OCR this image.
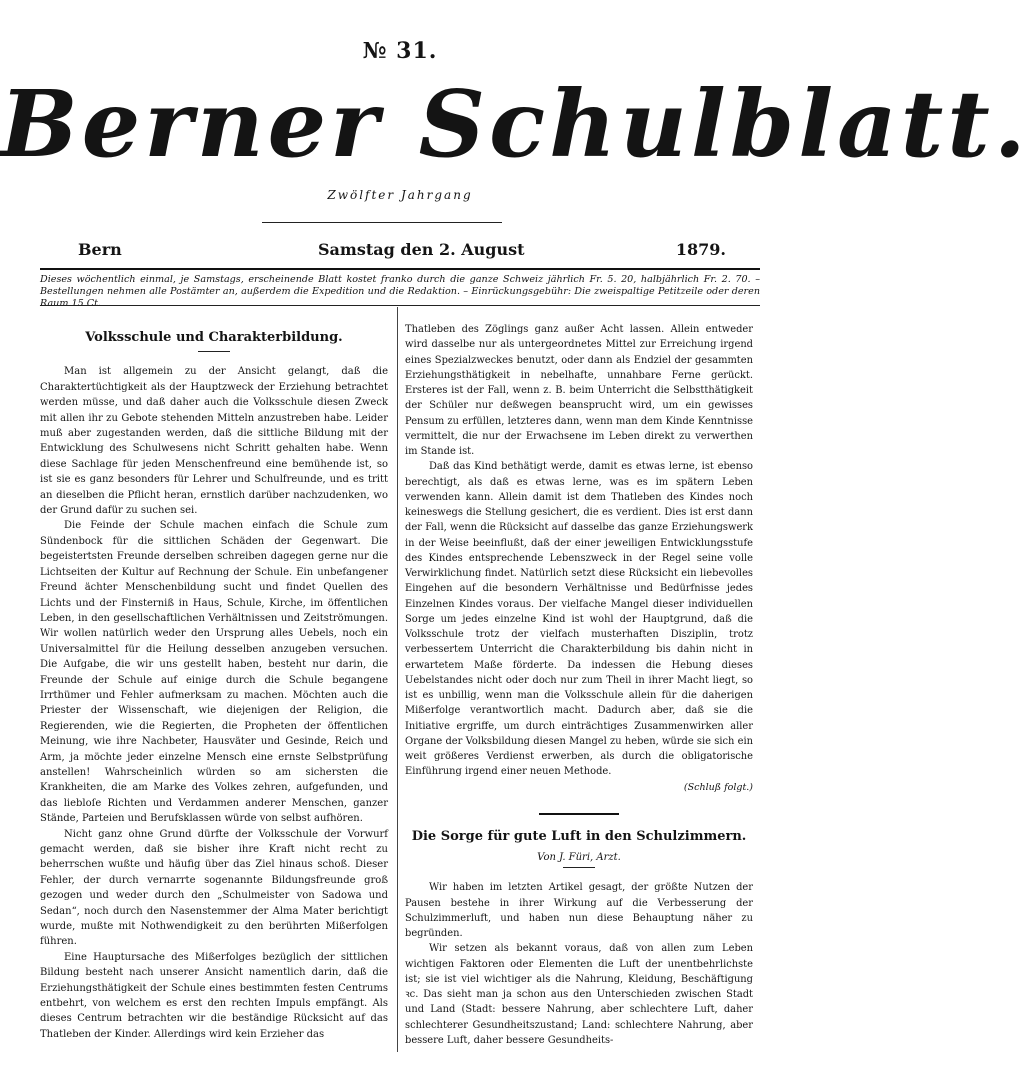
№ 31.
Berner Schulblatt.
Zwölfter Jahrgang
Bern	Samstag den 2. August	1879.
Dieses wöchentlich einmal, je Samstags, erscheinende Blatt kostet franko durch die ganze Schweiz jährlich Fr. 5. 20, halbjährlich Fr. 2. 70. – Bestellungen nehmen alle Postämter an, außerdem die Expedition und die Redaktion. – Einrückungsgebühr: Die zweispaltige Petitzeile oder deren Raum 15 Ct.
Volksschule und Charakterbildung.

Man ist allgemein zu der Ansicht gelangt, daß die Charaktertüchtigkeit als der Hauptzweck der Erziehung betrachtet werden müsse, und daß daher auch die Volksschule diesen Zweck mit allen ihr zu Gebote stehenden Mitteln anzustreben habe. Leider muß aber zugestanden werden, daß die sittliche Bildung mit der Entwicklung des Schulwesens nicht Schritt gehalten habe. Wenn diese Sachlage für jeden Menschenfreund eine bemühende ist, so ist sie es ganz besonders für Lehrer und Schulfreunde, und es tritt an dieselben die Pflicht heran, ernstlich darüber nachzudenken, wo der Grund dafür zu suchen sei.

Die Feinde der Schule machen einfach die Schule zum Sündenbock für die sittlichen Schäden der Gegenwart. Die begeistertsten Freunde derselben schreiben dagegen gerne nur die Lichtseiten der Kultur auf Rechnung der Schule. Ein unbefangener Freund ächter Menschenbildung sucht und findet Quellen des Lichts und der Finsterniß in Haus, Schule, Kirche, im öffentlichen Leben, in den gesellschaftlichen Verhältnissen und Zeitströmungen. Wir wollen natürlich weder den Ursprung alles Uebels, noch ein Universalmittel für die Heilung desselben anzugeben versuchen. Die Aufgabe, die wir uns gestellt haben, besteht nur darin, die Freunde der Schule auf einige durch die Schule begangene Irrthümer und Fehler aufmerksam zu machen. Möchten auch die Priester der Wissenschaft, wie diejenigen der Religion, die Regierenden, wie die Regierten, die Propheten der öffentlichen Meinung, wie ihre Nachbeter, Hausväter und Gesinde, Reich und Arm, ja möchte jeder einzelne Mensch eine ernste Selbstprüfung anstellen! Wahrscheinlich würden so am sichersten die Krankheiten, die am Marke des Volkes zehren, aufgefunden, und das liebloſe Richten und Verdammen anderer Menschen, ganzer Stände, Parteien und Berufsklassen würde von selbst aufhören.

Nicht ganz ohne Grund dürfte der Volksschule der Vorwurf gemacht werden, daß sie bisher ihre Kraft nicht recht zu beherrschen wußte und häufig über das Ziel hinaus schoß. Dieser Fehler, der durch vernarrte sogenannte Bildungsfreunde groß gezogen und weder durch den „Schulmeister von Sadowa und Sedan“, noch durch den Nasenstemmer der Alma Mater berichtigt wurde, mußte mit Nothwendigkeit zu den berührten Mißerfolgen führen.

Eine Hauptursache des Mißerfolges bezüglich der sittlichen Bildung besteht nach unserer Ansicht namentlich darin, daß die Erziehungsthätigkeit der Schule eines bestimmten festen Centrums entbehrt, von welchem es erst den rechten Impuls empfängt. Als dieses Centrum betrachten wir die beständige Rücksicht auf das Thatleben der Kinder. Allerdings wird kein Erzieher das

Thatleben des Zöglings ganz außer Acht lassen. Allein entweder wird dasselbe nur als untergeordnetes Mittel zur Erreichung irgend eines Spezialzweckes benutzt, oder dann als Endziel der gesammten Erziehungsthätigkeit in nebelhafte, unnahbare Ferne gerückt. Ersteres ist der Fall, wenn z. B. beim Unterricht die Selbstthätigkeit der Schüler nur deßwegen beansprucht wird, um ein gewisses Pensum zu erfüllen, letzteres dann, wenn man dem Kinde Kenntnisse vermittelt, die nur der Erwachsene im Leben direkt zu verwerthen im Stande ist.

Daß das Kind bethätigt werde, damit es etwas lerne, ist ebenso berechtigt, als daß es etwas lerne, was es im spätern Leben verwenden kann. Allein damit ist dem Thatleben des Kindes noch keineswegs die Stellung gesichert, die es verdient. Dies ist erst dann der Fall, wenn die Rücksicht auf dasselbe das ganze Erziehungswerk in der Weise beeinflußt, daß der einer jeweiligen Entwicklungsstufe des Kindes entsprechende Lebenszweck in der Regel seine volle Verwirklichung findet. Natürlich setzt diese Rücksicht ein liebevolles Eingehen auf die besondern Verhältnisse und Bedürfnisse jedes Einzelnen Kindes voraus. Der vielfache Mangel dieser individuellen Sorge um jedes einzelne Kind ist wohl der Hauptgrund, daß die Volksschule trotz der vielfach musterhaften Disziplin, trotz verbessertem Unterricht die Charakterbildung bis dahin nicht in erwartetem Maße förderte. Da indessen die Hebung dieses Uebelstandes nicht oder doch nur zum Theil in ihrer Macht liegt, so ist es unbillig, wenn man die Volksschule allein für die daherigen Mißerfolge verantwortlich macht. Dadurch aber, daß sie die Initiative ergriffe, um durch einträchtiges Zusammenwirken aller Organe der Volksbildung diesen Mangel zu heben, würde sie sich ein weit größeres Verdienst erwerben, als durch die obligatorische Einführung irgend einer neuen Methode.

(Schluß folgt.)
Die Sorge für gute Luft in den Schulzimmern.
Von J. Füri, Arzt.

Wir haben im letzten Artikel gesagt, der größte Nutzen der Pausen bestehe in ihrer Wirkung auf die Verbesserung der Schulzimmerluft, und haben nun diese Behauptung näher zu begründen.

Wir setzen als bekannt voraus, daß von allen zum Leben wichtigen Faktoren oder Elementen die Luft der unentbehrlichste ist; sie ist viel wichtiger als die Nahrung, Kleidung, Beschäftigung ꝛc. Das sieht man ja schon aus den Unterschieden zwischen Stadt und Land (Stadt: bessere Nahrung, aber schlechtere Luft, daher schlechterer Gesundheitszustand; Land: schlechtere Nahrung, aber bessere Luft, daher bessere Gesundheits-
